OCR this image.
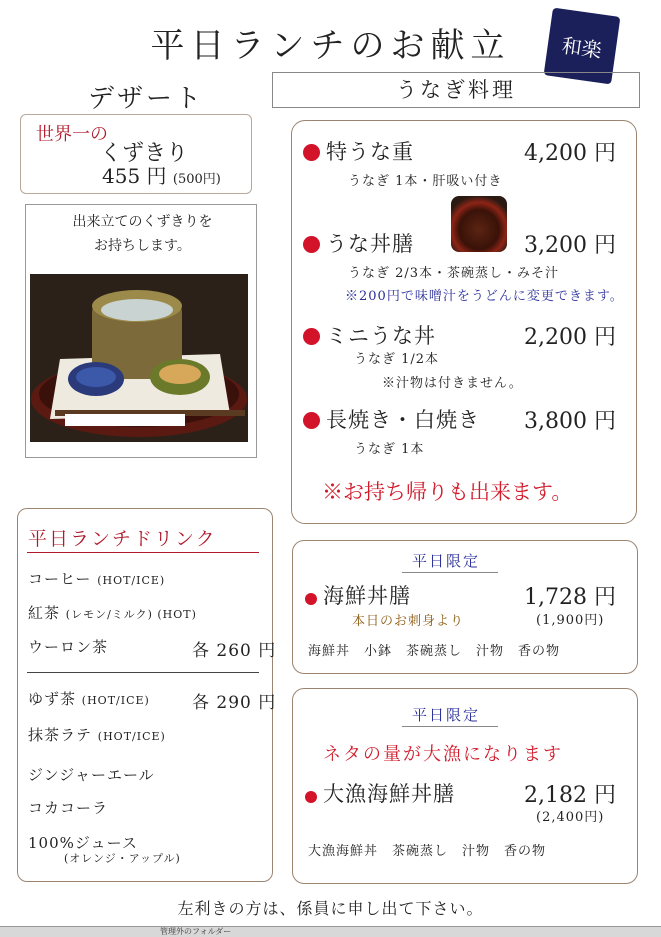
平日ランチのお献立	和楽
デザート
世界一の
くずきり
455 円 (500円)
出来立てのくずきりを
お持ちします。
うなぎ料理
特うな重	4,200 円
うなぎ 1本・肝吸い付き
うな丼膳	3,200 円
うなぎ 2/3本・茶碗蒸し・みそ汁
※200円で味噌汁をうどんに変更できます。
ミニうな丼	2,200 円
うなぎ 1/2本
※汁物は付きません。
長焼き・白焼き 3,800 円
うなぎ 1本
※お持ち帰りも出来ます。
平日ランチドリンク
コーヒー (HOT/ICE)
紅茶 (レモン/ミルク) (HOT)
ウーロン茶	各 260 円
ゆず茶 (HOT/ICE) 各 290 円
抹茶ラテ (HOT/ICE)
ジンジャーエール
コカコーラ
100%ジュース
(オレンジ・アップル)
平日限定
海鮮丼膳	1,728 円
本日のお刺身より	(1,900円)
海鮮丼　小鉢　茶碗蒸し　汁物　香の物
平日限定
ネタの量が大漁になります
大漁海鮮丼膳	2,182 円
(2,400円)
大漁海鮮丼　茶碗蒸し　汁物　香の物
左利きの方は、係員に申し出て下さい。
管理外のフォルダー
